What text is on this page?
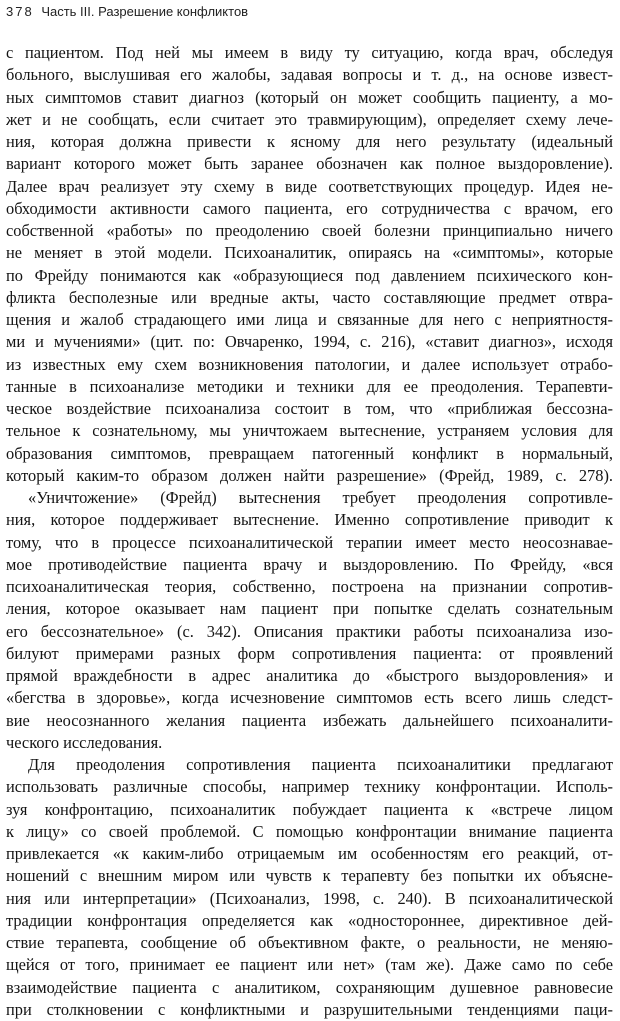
378 Часть III. Разрешение конфликтов
с пациентом. Под ней мы имеем в виду ту ситуацию, когда врач, обследуя
больного, выслушивая его жалобы, задавая вопросы и т. д., на основе извест-
ных симптомов ставит диагноз (который он может сообщить пациенту, а мо-
жет и не сообщать, если считает это травмирующим), определяет схему лече-
ния, которая должна привести к ясному для него результату (идеальный
вариант которого может быть заранее обозначен как полное выздоровление).
Далее врач реализует эту схему в виде соответствующих процедур. Идея не-
обходимости активности самого пациента, его сотрудничества с врачом, его
собственной «работы» по преодолению своей болезни принципиально ничего
не меняет в этой модели. Психоаналитик, опираясь на «симптомы», которые
по Фрейду понимаются как «образующиеся под давлением психического кон-
фликта бесполезные или вредные акты, часто составляющие предмет отвра-
щения и жалоб страдающего ими лица и связанные для него с неприятностя-
ми и мучениями» (цит. по: Овчаренко, 1994, с. 216), «ставит диагноз», исходя
из известных ему схем возникновения патологии, и далее использует отрабо-
танные в психоанализе методики и техники для ее преодоления. Терапевти-
ческое воздействие психоанализа состоит в том, что «приближая бессозна-
тельное к сознательному, мы уничтожаем вытеснение, устраняем условия для
образования симптомов, превращаем патогенный конфликт в нормальный,
который каким-то образом должен найти разрешение» (Фрейд, 1989, с. 278).
«Уничтожение» (Фрейд) вытеснения требует преодоления сопротивле-
ния, которое поддерживает вытеснение. Именно сопротивление приводит к
тому, что в процессе психоаналитической терапии имеет место неосознавае-
мое противодействие пациента врачу и выздоровлению. По Фрейду, «вся
психоаналитическая теория, собственно, построена на признании сопротив-
ления, которое оказывает нам пациент при попытке сделать сознательным
его бессознательное» (с. 342). Описания практики работы психоанализа изо-
билуют примерами разных форм сопротивления пациента: от проявлений
прямой враждебности в адрес аналитика до «быстрого выздоровления» и
«бегства в здоровье», когда исчезновение симптомов есть всего лишь следст-
вие неосознанного желания пациента избежать дальнейшего психоаналити-
ческого исследования.
Для преодоления сопротивления пациента психоаналитики предлагают
использовать различные способы, например технику конфронтации. Исполь-
зуя конфронтацию, психоаналитик побуждает пациента к «встрече лицом
к лицу» со своей проблемой. С помощью конфронтации внимание пациента
привлекается «к каким-либо отрицаемым им особенностям его реакций, от-
ношений с внешним миром или чувств к терапевту без попытки их объясне-
ния или интерпретации» (Психоанализ, 1998, с. 240). В психоаналитической
традиции конфронтация определяется как «одностороннее, директивное дей-
ствие терапевта, сообщение об объективном факте, о реальности, не меняю-
щейся от того, принимает ее пациент или нет» (там же). Даже само по себе
взаимодействие пациента с аналитиком, сохраняющим душевное равновесие
при столкновении с конфликтными и разрушительными тенденциями паци-
